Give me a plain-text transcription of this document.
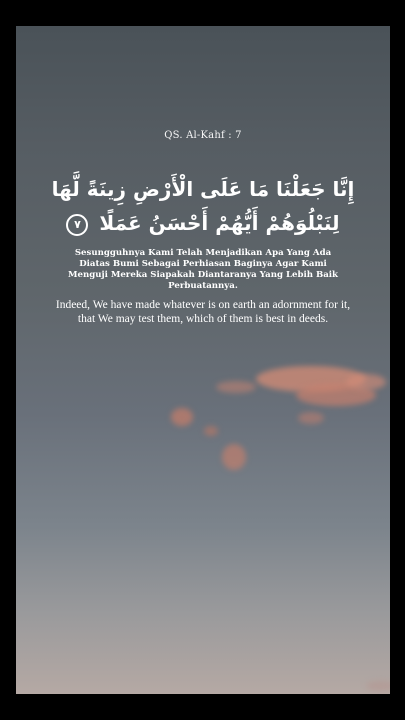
QS. Al-Kahf : 7
إِنَّا جَعَلْنَا مَا عَلَى الْأَرْضِ زِينَةً لَّهَا لِنَبْلُوَهُمْ أَيُّهُمْ أَحْسَنُ عَمَلًا ٧
Sesungguhnya Kami Telah Menjadikan Apa Yang Ada Diatas Bumi Sebagai Perhiasan Baginya Agar Kami Menguji Mereka Siapakah Diantaranya Yang Lebih Baik Perbuatannya.
Indeed, We have made whatever is on earth an adornment for it, that We may test them, which of them is best in deeds.
